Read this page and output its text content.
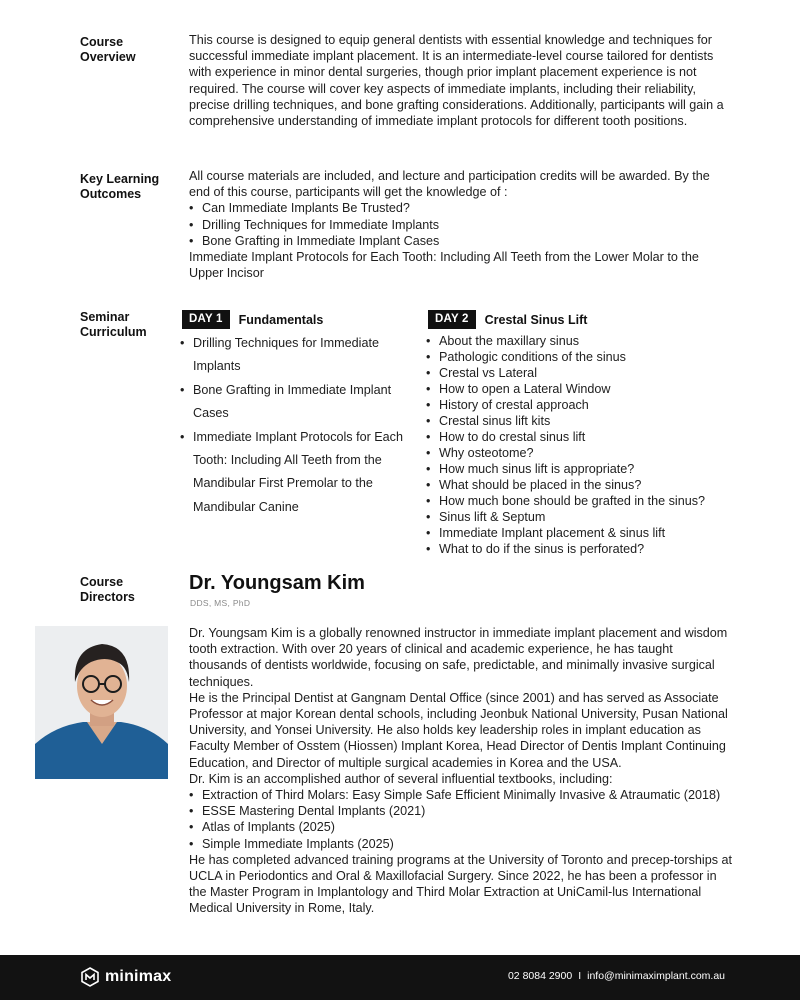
Course
Overview

This course is designed to equip general dentists with essential knowledge and techniques for successful immediate implant placement. It is an intermediate-level course tailored for dentists with experience in minor dental surgeries, though prior implant placement experience is not required. The course will cover key aspects of immediate implants, including their reliability, precise drilling techniques, and bone grafting considerations. Additionally, participants will gain a comprehensive understanding of immediate implant protocols for different tooth positions.

Key Learning
Outcomes

All course materials are included, and lecture and participation credits will be awarded. By the end of this course, participants will get the knowledge of :

• Can Immediate Implants Be Trusted?
• Drilling Techniques for Immediate Implants
• Bone Grafting in Immediate Implant Cases

Immediate Implant Protocols for Each Tooth: Including All Teeth from the Lower Molar to the Upper Incisor

Seminar
Curriculum
DAY 1	Fundamentals
• Drilling Techniques for Immediate Implants
• Bone Grafting in Immediate Implant Cases
• Immediate Implant Protocols for Each Tooth: Including All Teeth from the Mandibular First Premolar to the Mandibular Canine
DAY 2	Crestal Sinus Lift
• About the maxillary sinus
• Pathologic conditions of the sinus
• Crestal vs Lateral
• How to open a Lateral Window
• History of crestal approach
• Crestal sinus lift kits
• How to do crestal sinus lift
• Why osteotome?
• How much sinus lift is appropriate?
• What should be placed in the sinus?
• How much bone should be grafted in the sinus?
• Sinus lift & Septum
• Immediate Implant placement & sinus lift
• What to do if the sinus is perforated?
Course
Directors
Dr. Youngsam Kim
DDS, MS, PhD

Dr. Youngsam Kim is a globally renowned instructor in immediate implant placement and wisdom tooth extraction. With over 20 years of clinical and academic experience, he has taught thousands of dentists worldwide, focusing on safe, predictable, and minimally invasive surgical techniques.

He is the Principal Dentist at Gangnam Dental Office (since 2001) and has served as Associate Professor at major Korean dental schools, including Jeonbuk National University, Pusan National University, and Yonsei University. He also holds key leadership roles in implant education as Faculty Member of Osstem (Hiossen) Implant Korea, Head Director of Dentis Implant Continuing Education, and Director of multiple surgical academies in Korea and the USA.

Dr. Kim is an accomplished author of several influential textbooks, including:

• Extraction of Third Molars: Easy Simple Safe Efficient Minimally Invasive & Atraumatic (2018)
• ESSE Mastering Dental Implants (2021)
• Atlas of Implants (2025)
• Simple Immediate Implants (2025)

He has completed advanced training programs at the University of Toronto and precep-torships at UCLA in Periodontics and Oral & Maxillofacial Surgery. Since 2022, he has been a professor in the Master Program in Implantology and Third Molar Extraction at UniCamil-lus International Medical University in Rome, Italy.

minimax	02 8084 2900 I info@minimaximplant.com.au
